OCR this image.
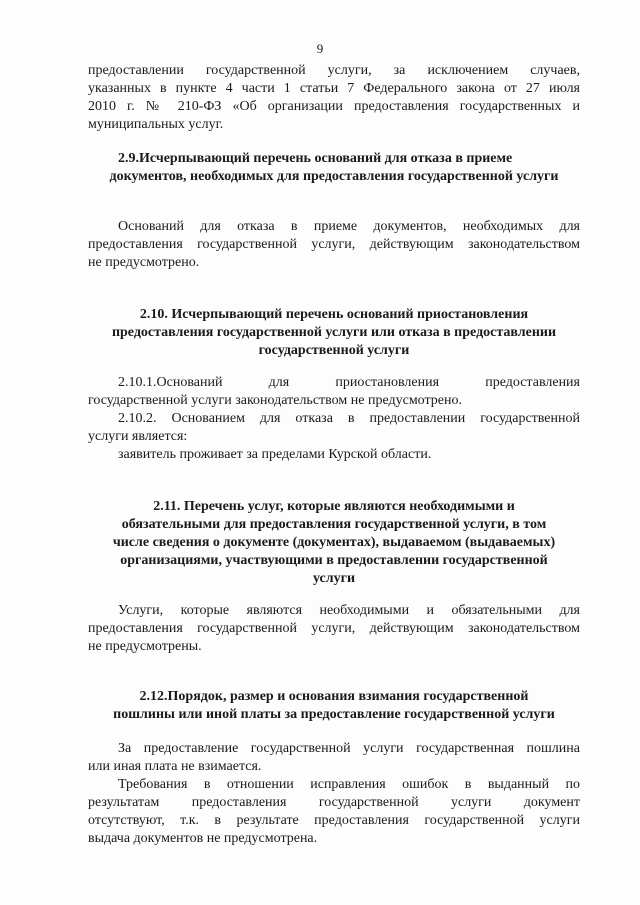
9

предоставлении государственной услуги, за исключением случаев,

указанных в пункте 4 части 1 статьи 7 Федерального закона от 27 июля

2010 г. № 210-ФЗ «Об организации предоставления государственных и

муниципальных услуг.

2.9.Исчерпывающий перечень оснований для отказа в приеме

документов, необходимых для предоставления государственной услуги

Оснований для отказа в приеме документов, необходимых для

предоставления государственной услуги, действующим законодательством

не предусмотрено.

2.10. Исчерпывающий перечень оснований приостановления

предоставления государственной услуги или отказа в предоставлении

государственной услуги

2.10.1.Оснований для приостановления предоставления

государственной услуги законодательством не предусмотрено.

2.10.2. Основанием для отказа в предоставлении государственной

услуги является:

заявитель проживает за пределами Курской области.

2.11. Перечень услуг, которые являются необходимыми и

обязательными для предоставления государственной услуги, в том

числе сведения о документе (документах), выдаваемом (выдаваемых)

организациями, участвующими в предоставлении государственной

услуги

Услуги, которые являются необходимыми и обязательными для

предоставления государственной услуги, действующим законодательством

не предусмотрены.

2.12.Порядок, размер и основания взимания государственной

пошлины или иной платы за предоставление государственной услуги

За предоставление государственной услуги государственная пошлина

или иная плата не взимается.

Требования в отношении исправления ошибок в выданный по

результатам предоставления государственной услуги документ

отсутствуют, т.к. в результате предоставления государственной услуги

выдача документов не предусмотрена.
